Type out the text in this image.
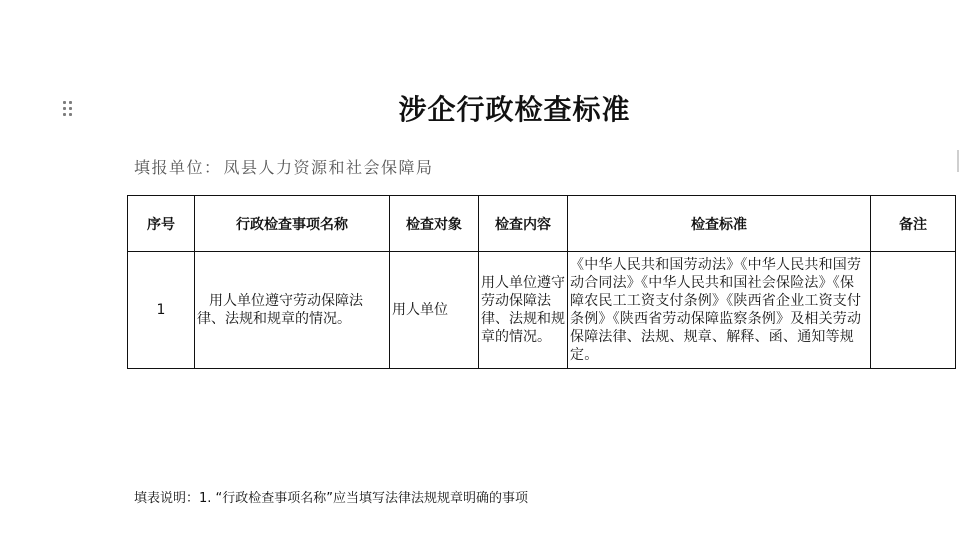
涉企行政检查标准
填报单位： 凤县人力资源和社会保障局
序号	行政检查事项名称	检查对象	检查内容	检查标准	备注
1	用人单位遵守劳动保障法律、法规和规章的情况。	用人单位	用人单位遵守劳动保障法律、法规和规章的情况。	《中华人民共和国劳动法》《中华人民共和国劳动合同法》《中华人民共和国社会保险法》《保障农民工工资支付条例》《陕西省企业工资支付条例》《陕西省劳动保障监察条例》及相关劳动保障法律、法规、规章、解释、函、通知等规定。	
填表说明：1. “行政检查事项名称”应当填写法律法规规章明确的事项
